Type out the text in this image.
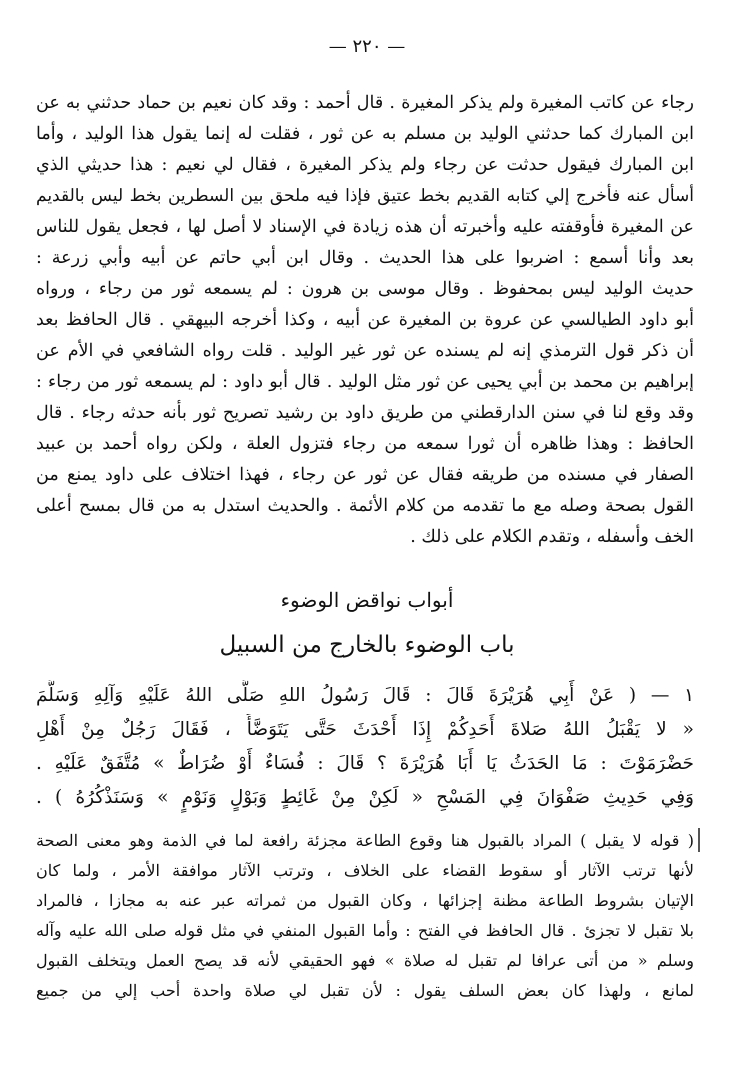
— ٢٢٠ —
رجاء عن كاتب المغيرة ولم يذكر المغيرة . قال أحمد : وقد كان نعيم بن حماد حدثني به عن
ابن المبارك كما حدثني الوليد بن مسلم به عن ثور ، فقلت له إنما يقول هذا الوليد ، وأما
ابن المبارك فيقول حدثت عن رجاء ولم يذكر المغيرة ، فقال لي نعيم : هذا حديثي الذي
أسأل عنه فأخرج إلي كتابه القديم بخط عتيق فإذا فيه ملحق بين السطرين بخط ليس بالقديم
عن المغيرة فأوقفته عليه وأخبرته أن هذه زيادة في الإسناد لا أصل لها ، فجعل يقول للناس
بعد وأنا أسمع : اضربوا على هذا الحديث . وقال ابن أبي حاتم عن أبيه وأبي زرعة :
حديث الوليد ليس بمحفوظ . وقال موسى بن هرون : لم يسمعه ثور من رجاء ، ورواه
أبو داود الطيالسي عن عروة بن المغيرة عن أبيه ، وكذا أخرجه البيهقي . قال الحافظ بعد
أن ذكر قول الترمذي إنه لم يسنده عن ثور غير الوليد . قلت رواه الشافعي في الأم عن
إبراهيم بن محمد بن أبي يحيى عن ثور مثل الوليد . قال أبو داود : لم يسمعه ثور من رجاء :
وقد وقع لنا في سنن الدارقطني من طريق داود بن رشيد تصريح ثور بأنه حدثه رجاء . قال
الحافظ : وهذا ظاهره أن ثورا سمعه من رجاء فتزول العلة ، ولكن رواه أحمد بن عبيد
الصفار في مسنده من طريقه فقال عن ثور عن رجاء ، فهذا اختلاف على داود يمنع من
القول بصحة وصله مع ما تقدمه من كلام الأئمة . والحديث استدل به من قال بمسح أعلى
الخف وأسفله ، وتقدم الكلام على ذلك .
أبواب نواقض الوضوء
باب الوضوء بالخارج من السبيل
١ — ( عَنْ أَبِي هُرَيْرَةَ قَالَ : قَالَ رَسُولُ اللهِ صَلَّى اللهُ عَلَيْهِ وَآلِهِ وَسَلَّمَ
« لا يَقْبَلُ اللهُ صَلاةَ أَحَدِكُمْ إِذَا أَحْدَثَ حَتَّى يَتَوَضَّأَ ، فَقَالَ رَجُلٌ مِنْ أَهْلِ
حَضْرَمَوْتَ : مَا الحَدَثُ يَا أَبَا هُرَيْرَةَ ؟ قَالَ : فُسَاءٌ أَوْ ضُرَاطٌ » مُتَّفَقٌ عَلَيْهِ .
وَفِي حَدِيثِ صَفْوَانَ فِي المَسْحِ « لَكِنْ مِنْ غَائِطٍ وَبَوْلٍ وَنَوْمٍ » وَسَنَذْكُرُهُ ) .
( قوله لا يقبل ) المراد بالقبول هنا وقوع الطاعة مجزئة رافعة لما في الذمة وهو معنى الصحة
لأنها ترتب الآثار أو سقوط القضاء على الخلاف ، وترتب الآثار موافقة الأمر ، ولما كان
الإتيان بشروط الطاعة مظنة إجزائها ، وكان القبول من ثمراته عبر عنه به مجازا ، فالمراد
بلا تقبل لا تجزئ . قال الحافظ في الفتح : وأما القبول المنفي في مثل قوله صلى الله عليه وآله
وسلم « من أتى عرافا لم تقبل له صلاة » فهو الحقيقي لأنه قد يصح العمل ويتخلف القبول
لمانع ، ولهذا كان بعض السلف يقول : لأن تقبل لي صلاة واحدة أحب إلي من جميع
